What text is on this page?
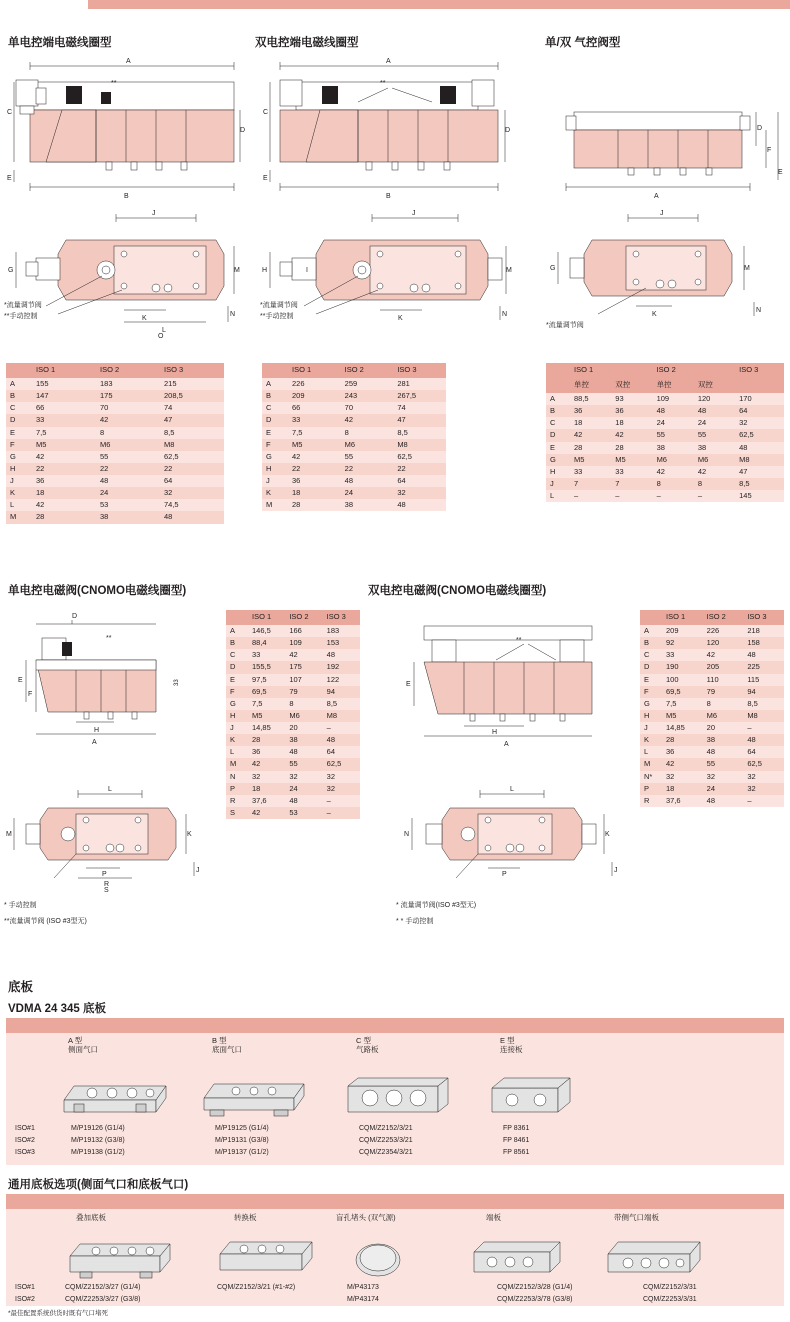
单电控端电磁线圈型	双电控端电磁线圈型	单/双 气控阀型
A
B
C
E
D
**
J
G	M
K
L
N
O
*流量调节阀
**手动控制
A
B
C
E
D
**
J
H	M
I
K
N
*流量调节阀
**手动控制
A
D
F
E
J
G	M
K
N
*流量调节阀
	ISO 1	ISO 2	ISO 3
A	155	183	215
B	147	175	208,5
C	66	70	74
D	33	42	47
E	7,5	8	8,5
F	M5	M6	M8
G	42	55	62,5
H	22	22	22
J	36	48	64
K	18	24	32
L	42	53	74,5
M	28	38	48
	ISO 1	ISO 2	ISO 3
A	226	259	281
B	209	243	267,5
C	66	70	74
D	33	42	47
E	7,5	8	8,5
F	M5	M6	M8
G	42	55	62,5
H	22	22	22
J	36	48	64
K	18	24	32
M	28	38	48
	ISO 1		ISO 2		ISO 3
	单控	双控	单控	双控	
A	88,5	93	109	120	170
B	36	36	48	48	64
C	18	18	24	24	32
D	42	42	55	55	62,5
E	28	28	38	38	48
G	M5	M5	M6	M6	M8
H	33	33	42	42	47
J	7	7	8	8	8,5
L	–	–	–	–	145
单电控电磁阀(CNOMO电磁线圈型)	双电控电磁阀(CNOMO电磁线圈型)
D
E
F
A
H
**
33
L
M	K
P
R
S
J
* 手动控制
**流量调节阀 (ISO #3型无)
	ISO 1	ISO 2	ISO 3
A	146,5	166	183
B	88,4	109	153
C	33	42	48
D	155,5	175	192
E	97,5	107	122
F	69,5	79	94
G	7,5	8	8,5
H	M5	M6	M8
J	14,85	20	–
K	28	38	48
L	36	48	64
M	42	55	62,5
N	32	32	32
P	18	24	32
R	37,6	48	–
S	42	53	–
E
A
H
**
L
N	K
P
J
* 流量调节阀(ISO #3型无)
* * 手动控制
	ISO 1	ISO 2	ISO 3
A	209	226	218
B	92	120	158
C	33	42	48
D	190	205	225
E	100	110	115
F	69,5	79	94
G	7,5	8	8,5
H	M5	M6	M8
J	14,85	20	–
K	28	38	48
L	36	48	64
M	42	55	62,5
N*	32	32	32
P	18	24	32
R	37,6	48	–
底板
VDMA 24 345 底板
A 型
侧面气口
B 型
底面气口
C 型
气路板
E 型
连接板
ISO#1	M/P19126 (G1/4)	M/P19125 (G1/4)	CQM/Z2152/3/21	FP 8361
ISO#2	M/P19132 (G3/8)	M/P19131 (G3/8)	CQM/Z2253/3/21	FP 8461
ISO#3	M/P19138 (G1/2)	M/P19137 (G1/2)	CQM/Z2354/3/21	FP 8561
通用底板选项(侧面气口和底板气口)
叠加底板	转换板	盲孔堵头 (双气源)	端板	带侧气口端板
ISO#1	CQM/Z2152/3/27 (G1/4)	CQM/Z2152/3/21 (#1-#2)	M/P43173	CQM/Z2152/3/28 (G1/4)	CQM/Z2152/3/31
ISO#2	CQM/Z2253/3/27 (G3/8)		M/P43174	CQM/Z2253/3/78 (G3/8)	CQM/Z2253/3/31
*最佳配置系统供货时既有气口堵死
